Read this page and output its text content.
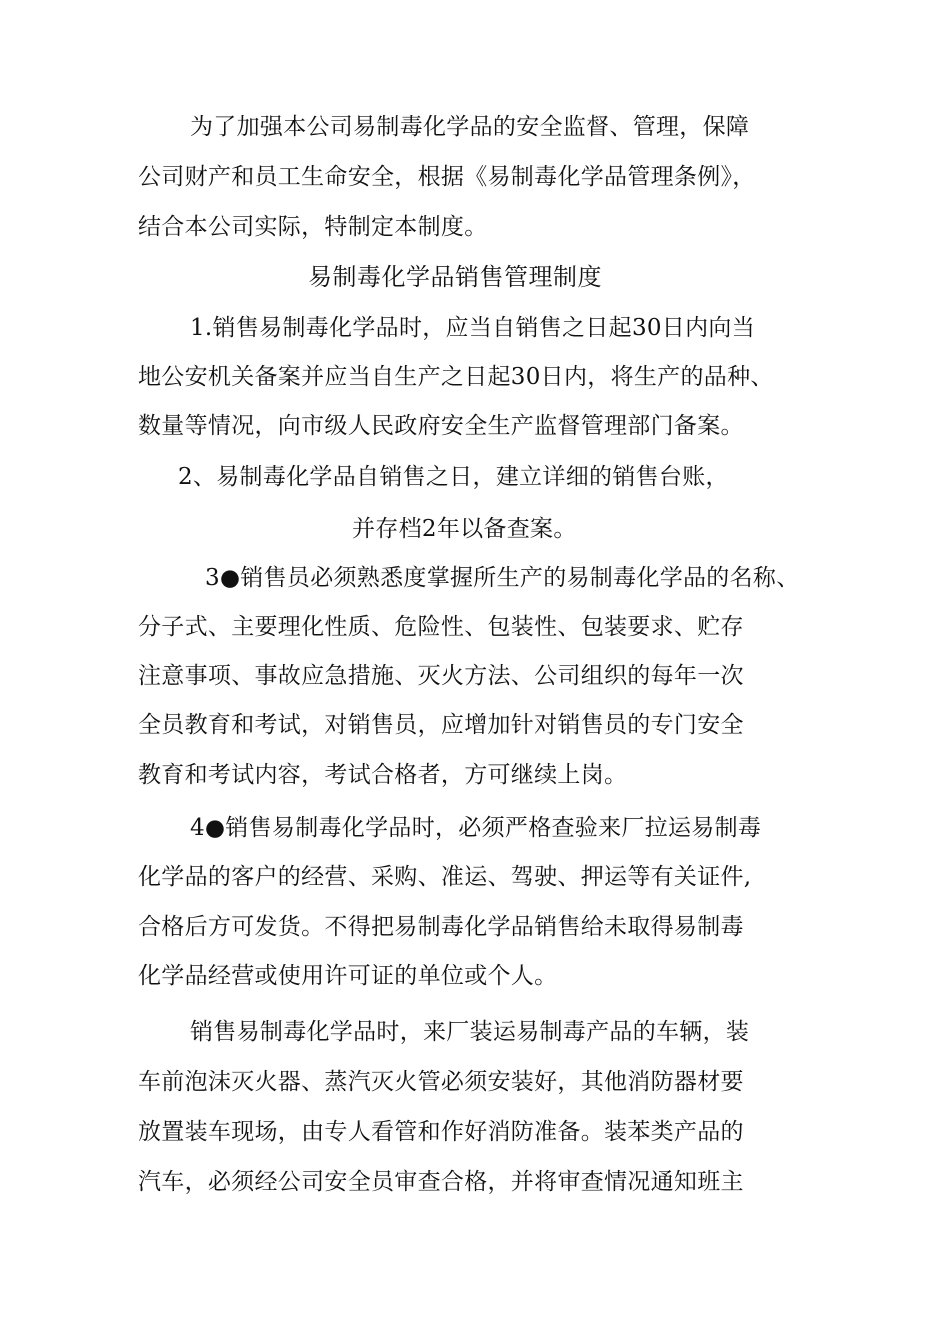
为了加强本公司易制毒化学品的安全监督、管理，保障
公司财产和员工生命安全，根据《易制毒化学品管理条例》，
结合本公司实际，特制定本制度。
易制毒化学品销售管理制度
1.销售易制毒化学品时，应当自销售之日起30日内向当
地公安机关备案并应当自生产之日起30日内，将生产的品种、
数量等情况，向市级人民政府安全生产监督管理部门备案。
2、易制毒化学品自销售之日，建立详细的销售台账，
并存档2年以备查案。
3●销售员必须熟悉度掌握所生产的易制毒化学品的名称、
分子式、主要理化性质、危险性、包装性、包装要求、贮存
注意事项、事故应急措施、灭火方法、公司组织的每年一次
全员教育和考试，对销售员，应增加针对销售员的专门安全
教育和考试内容，考试合格者，方可继续上岗。
4●销售易制毒化学品时，必须严格查验来厂拉运易制毒
化学品的客户的经营、采购、准运、驾驶、押运等有关证件,
合格后方可发货。不得把易制毒化学品销售给未取得易制毒
化学品经营或使用许可证的单位或个人。
销售易制毒化学品时，来厂装运易制毒产品的车辆，装
车前泡沫灭火器、蒸汽灭火管必须安装好，其他消防器材要
放置装车现场，由专人看管和作好消防准备。装苯类产品的
汽车，必须经公司安全员审查合格，并将审查情况通知班主
